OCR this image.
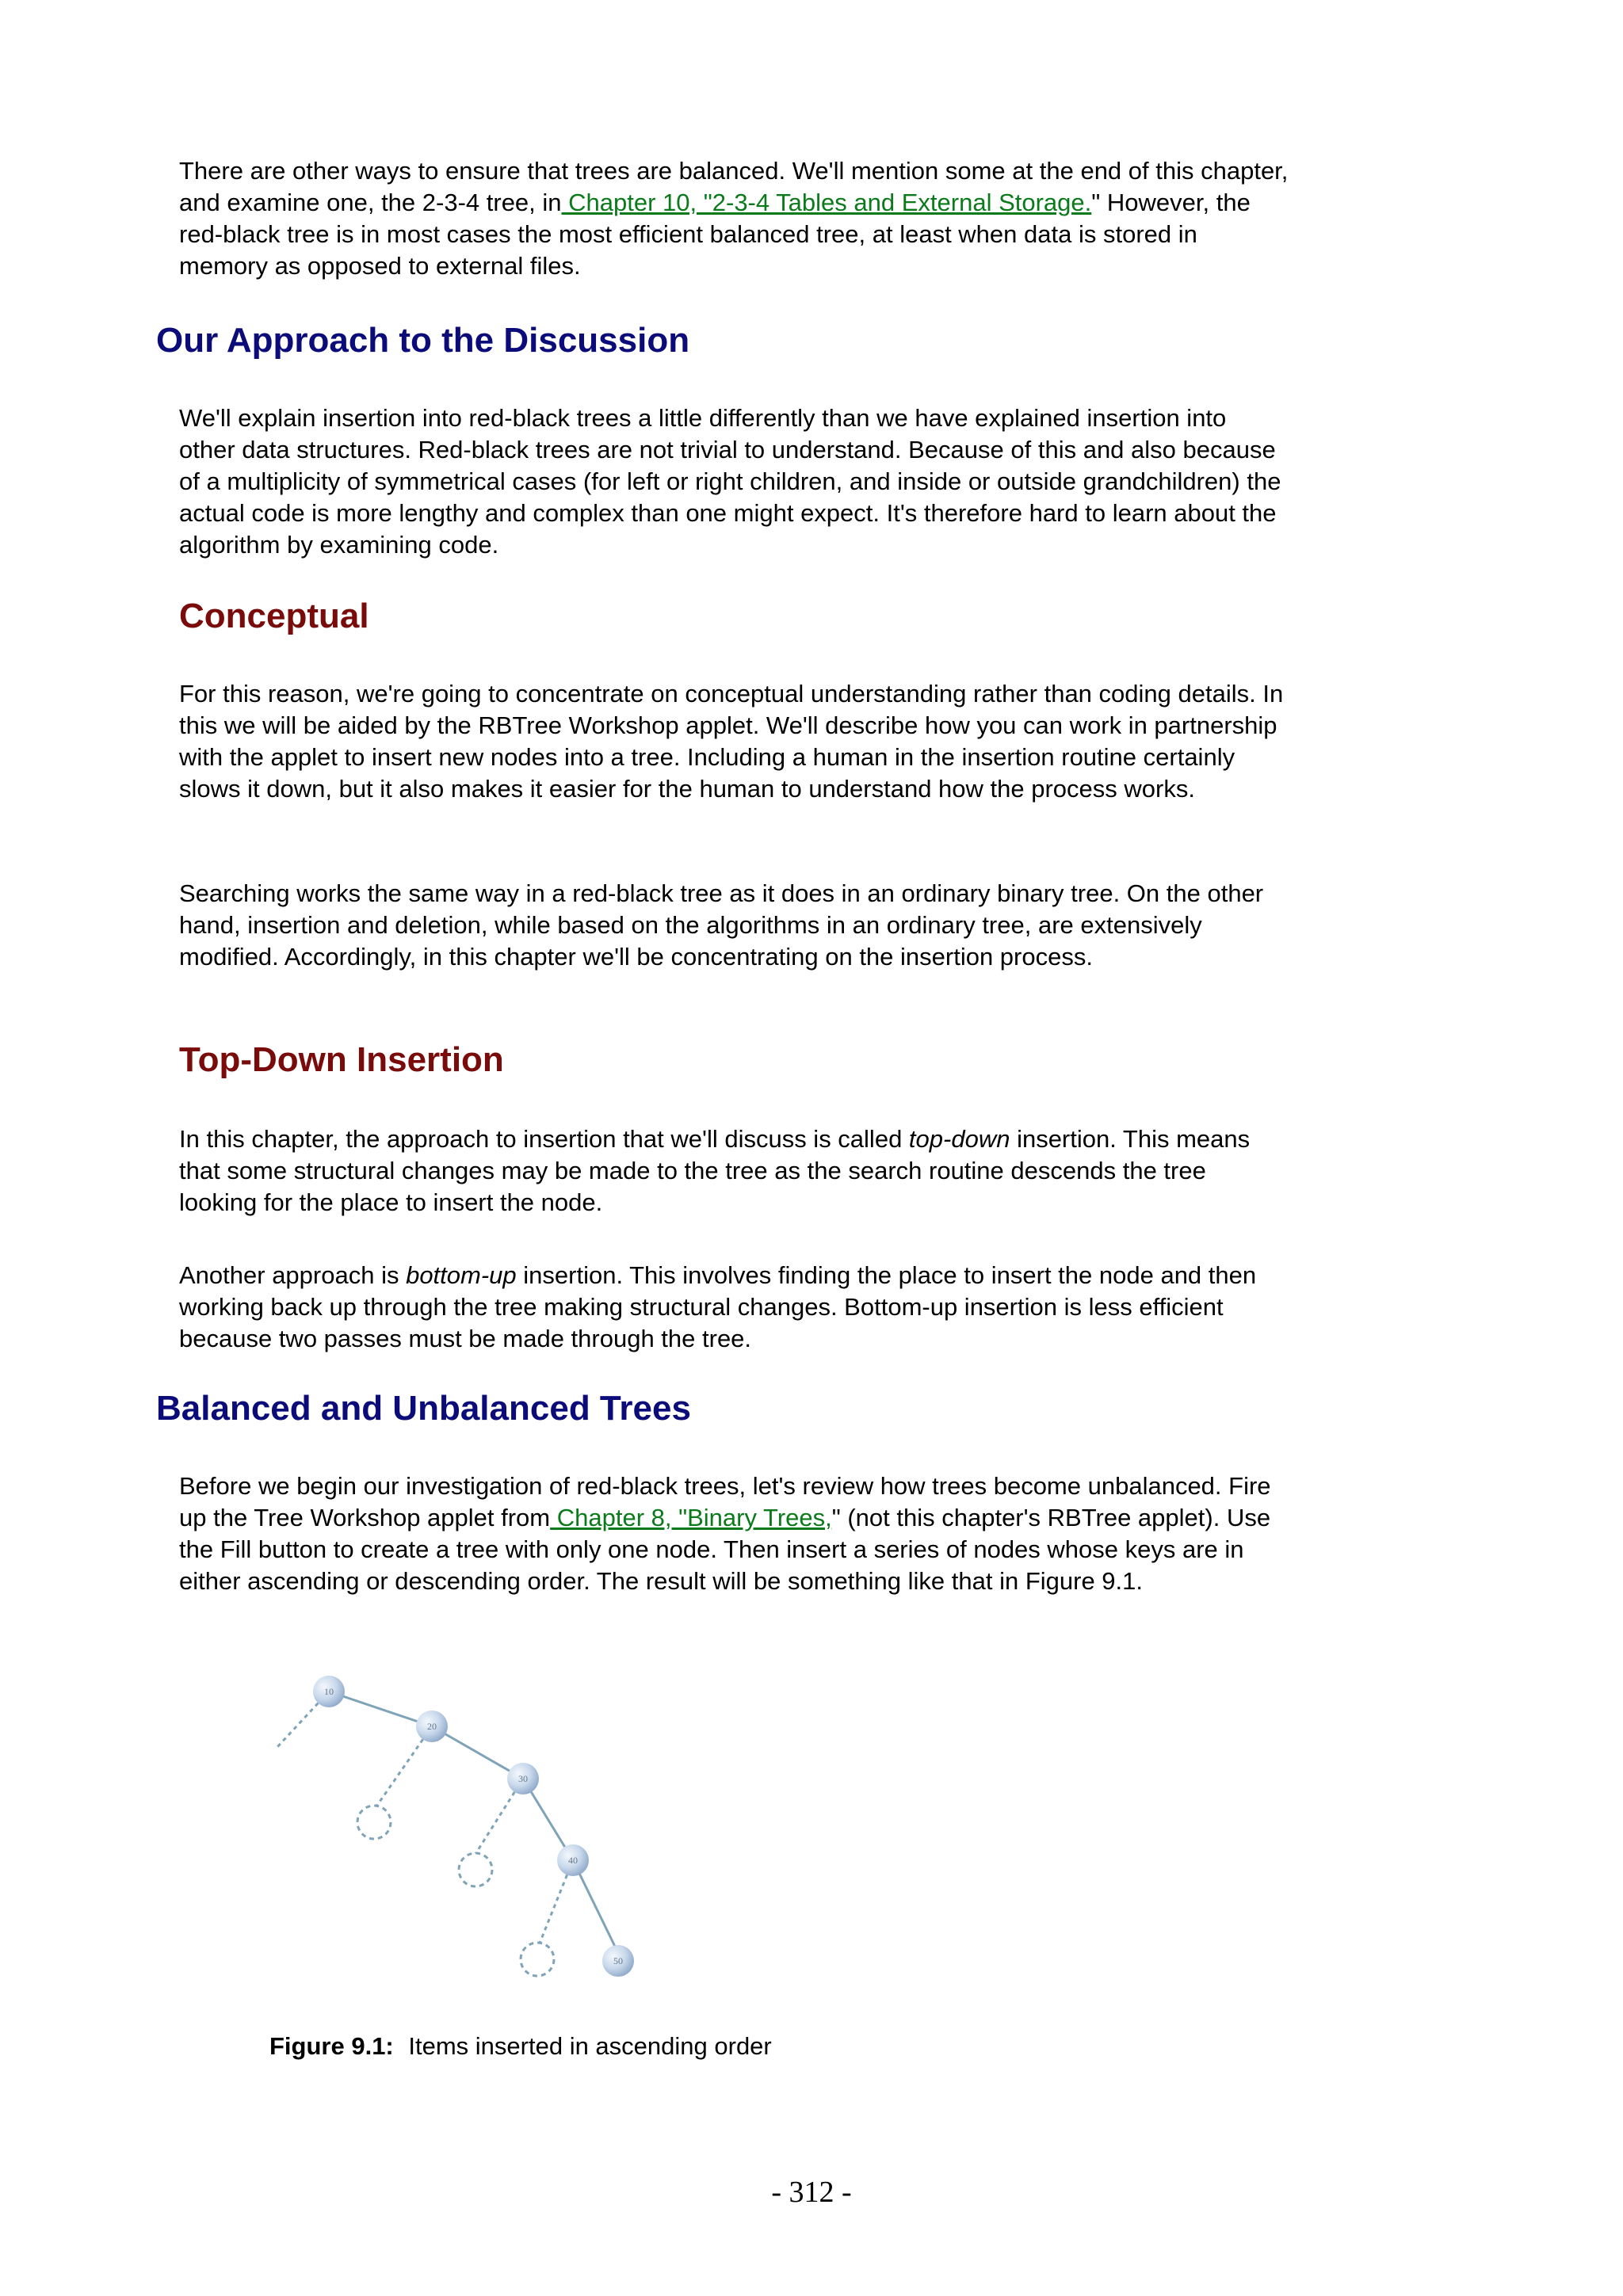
There are other ways to ensure that trees are balanced. We'll mention some at the end of this chapter, and examine one, the 2-3-4 tree, in Chapter 10, "2-3-4 Tables and External Storage." However, the red-black tree is in most cases the most efficient balanced tree, at least when data is stored in memory as opposed to external files.

Our Approach to the Discussion

We'll explain insertion into red-black trees a little differently than we have explained insertion into other data structures. Red-black trees are not trivial to understand. Because of this and also because of a multiplicity of symmetrical cases (for left or right children, and inside or outside grandchildren) the actual code is more lengthy and complex than one might expect. It's therefore hard to learn about the algorithm by examining code.

Conceptual

For this reason, we're going to concentrate on conceptual understanding rather than coding details. In this we will be aided by the RBTree Workshop applet. We'll describe how you can work in partnership with the applet to insert new nodes into a tree. Including a human in the insertion routine certainly slows it down, but it also makes it easier for the human to understand how the process works.

Searching works the same way in a red-black tree as it does in an ordinary binary tree. On the other hand, insertion and deletion, while based on the algorithms in an ordinary tree, are extensively modified. Accordingly, in this chapter we'll be concentrating on the insertion process.

Top-Down Insertion

In this chapter, the approach to insertion that we'll discuss is called top-down insertion. This means that some structural changes may be made to the tree as the search routine descends the tree looking for the place to insert the node.

Another approach is bottom-up insertion. This involves finding the place to insert the node and then working back up through the tree making structural changes. Bottom-up insertion is less efficient because two passes must be made through the tree.

Balanced and Unbalanced Trees

Before we begin our investigation of red-black trees, let's review how trees become unbalanced. Fire up the Tree Workshop applet from Chapter 8, "Binary Trees," (not this chapter's RBTree applet). Use the Fill button to create a tree with only one node. Then insert a series of nodes whose keys are in either ascending or descending order. The result will be something like that in Figure 9.1.

10
20
30
40
50

Figure 9.1: Items inserted in ascending order

- 312 -
